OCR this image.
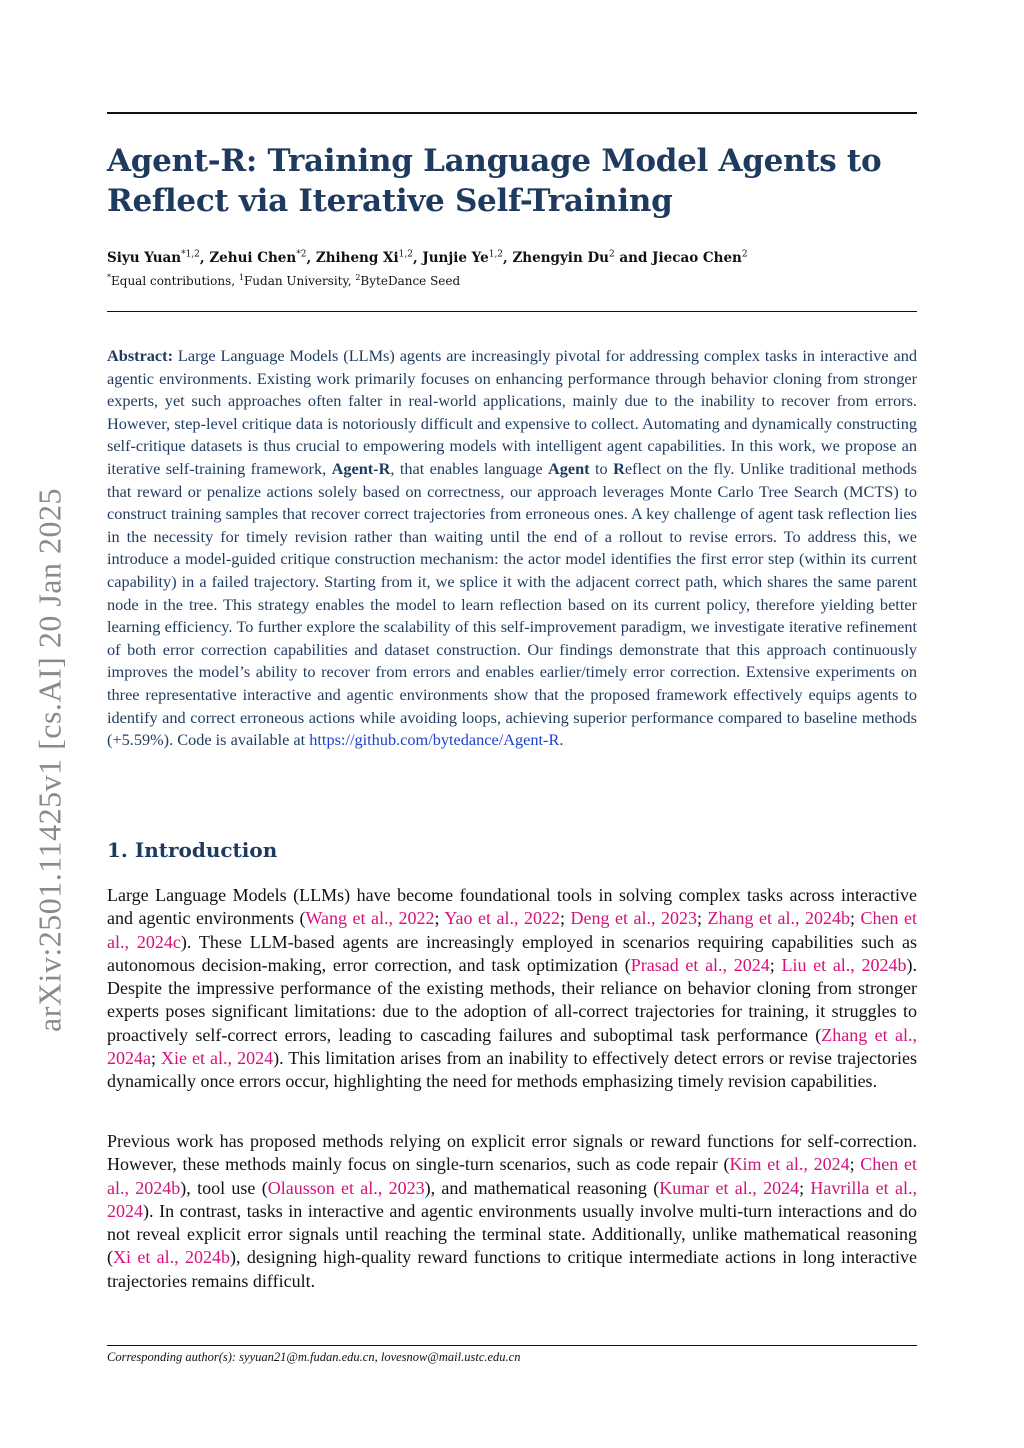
arXiv:2501.11425v1 [cs.AI] 20 Jan 2025
Agent-R: Training Language Model Agents to
Reflect via Iterative Self-Training
Siyu Yuan$^{*1,2}$, Zehui Chen$^{*2}$, Zhiheng Xi$^{1,2}$, Junjie Ye$^{1,2}$, Zhengyin Du$^2$ and Jiecao Chen$^2$
*Equal contributions, $^1$Fudan University, $^2$ByteDance Seed

Abstract: Large Language Models (LLMs) agents are increasingly pivotal for addressing complex tasks in interactive and agentic environments. Existing work primarily focuses on enhancing performance through behavior cloning from stronger experts, yet such approaches often falter in real-world applications, mainly due to the inability to recover from errors. However, step-level critique data is notoriously difficult and expensive to collect. Automating and dynamically constructing self-critique datasets is thus crucial to empowering models with intelligent agent capabilities. In this work, we propose an iterative self-training framework, Agent-R, that enables language Agent to Reflect on the fly. Unlike traditional methods that reward or penalize actions solely based on correctness, our approach leverages Monte Carlo Tree Search (MCTS) to construct training samples that recover correct trajectories from erroneous ones. A key challenge of agent task reflection lies in the necessity for timely revision rather than waiting until the end of a rollout to revise errors. To address this, we introduce a model-guided critique construction mechanism: the actor model identifies the first error step (within its current capability) in a failed trajectory. Starting from it, we splice it with the adjacent correct path, which shares the same parent node in the tree. This strategy enables the model to learn reflection based on its current policy, therefore yielding better learning efficiency. To further explore the scalability of this self-improvement paradigm, we investigate iterative refinement of both error correction capabilities and dataset construction. Our findings demonstrate that this approach continuously improves the model’s ability to recover from errors and enables earlier/timely error correction. Extensive experiments on three representative interactive and agentic environments show that the proposed framework effectively equips agents to identify and correct erroneous actions while avoiding loops, achieving superior performance compared to baseline methods (+5.59%). Code is available at https://github.com/bytedance/Agent-R.

1. Introduction

Large Language Models (LLMs) have become foundational tools in solving complex tasks across interactive and agentic environments (Wang et al., 2022; Yao et al., 2022; Deng et al., 2023; Zhang et al., 2024b; Chen et al., 2024c). These LLM-based agents are increasingly employed in scenarios requiring capabilities such as autonomous decision-making, error correction, and task optimization (Prasad et al., 2024; Liu et al., 2024b). Despite the impressive performance of the existing methods, their reliance on behavior cloning from stronger experts poses significant limitations: due to the adoption of all-correct trajectories for training, it struggles to proactively self-correct errors, leading to cascading failures and suboptimal task performance (Zhang et al., 2024a; Xie et al., 2024). This limitation arises from an inability to effectively detect errors or revise trajectories dynamically once errors occur, highlighting the need for methods emphasizing timely revision capabilities.

Previous work has proposed methods relying on explicit error signals or reward functions for self-correction. However, these methods mainly focus on single-turn scenarios, such as code repair (Kim et al., 2024; Chen et al., 2024b), tool use (Olausson et al., 2023), and mathematical reasoning (Kumar et al., 2024; Havrilla et al., 2024). In contrast, tasks in interactive and agentic environments usually involve multi-turn interactions and do not reveal explicit error signals until reaching the terminal state. Additionally, unlike mathematical reasoning (Xi et al., 2024b), designing high-quality reward functions to critique intermediate actions in long interactive trajectories remains difficult.

Corresponding author(s): syyuan21@m.fudan.edu.cn, lovesnow@mail.ustc.edu.cn
